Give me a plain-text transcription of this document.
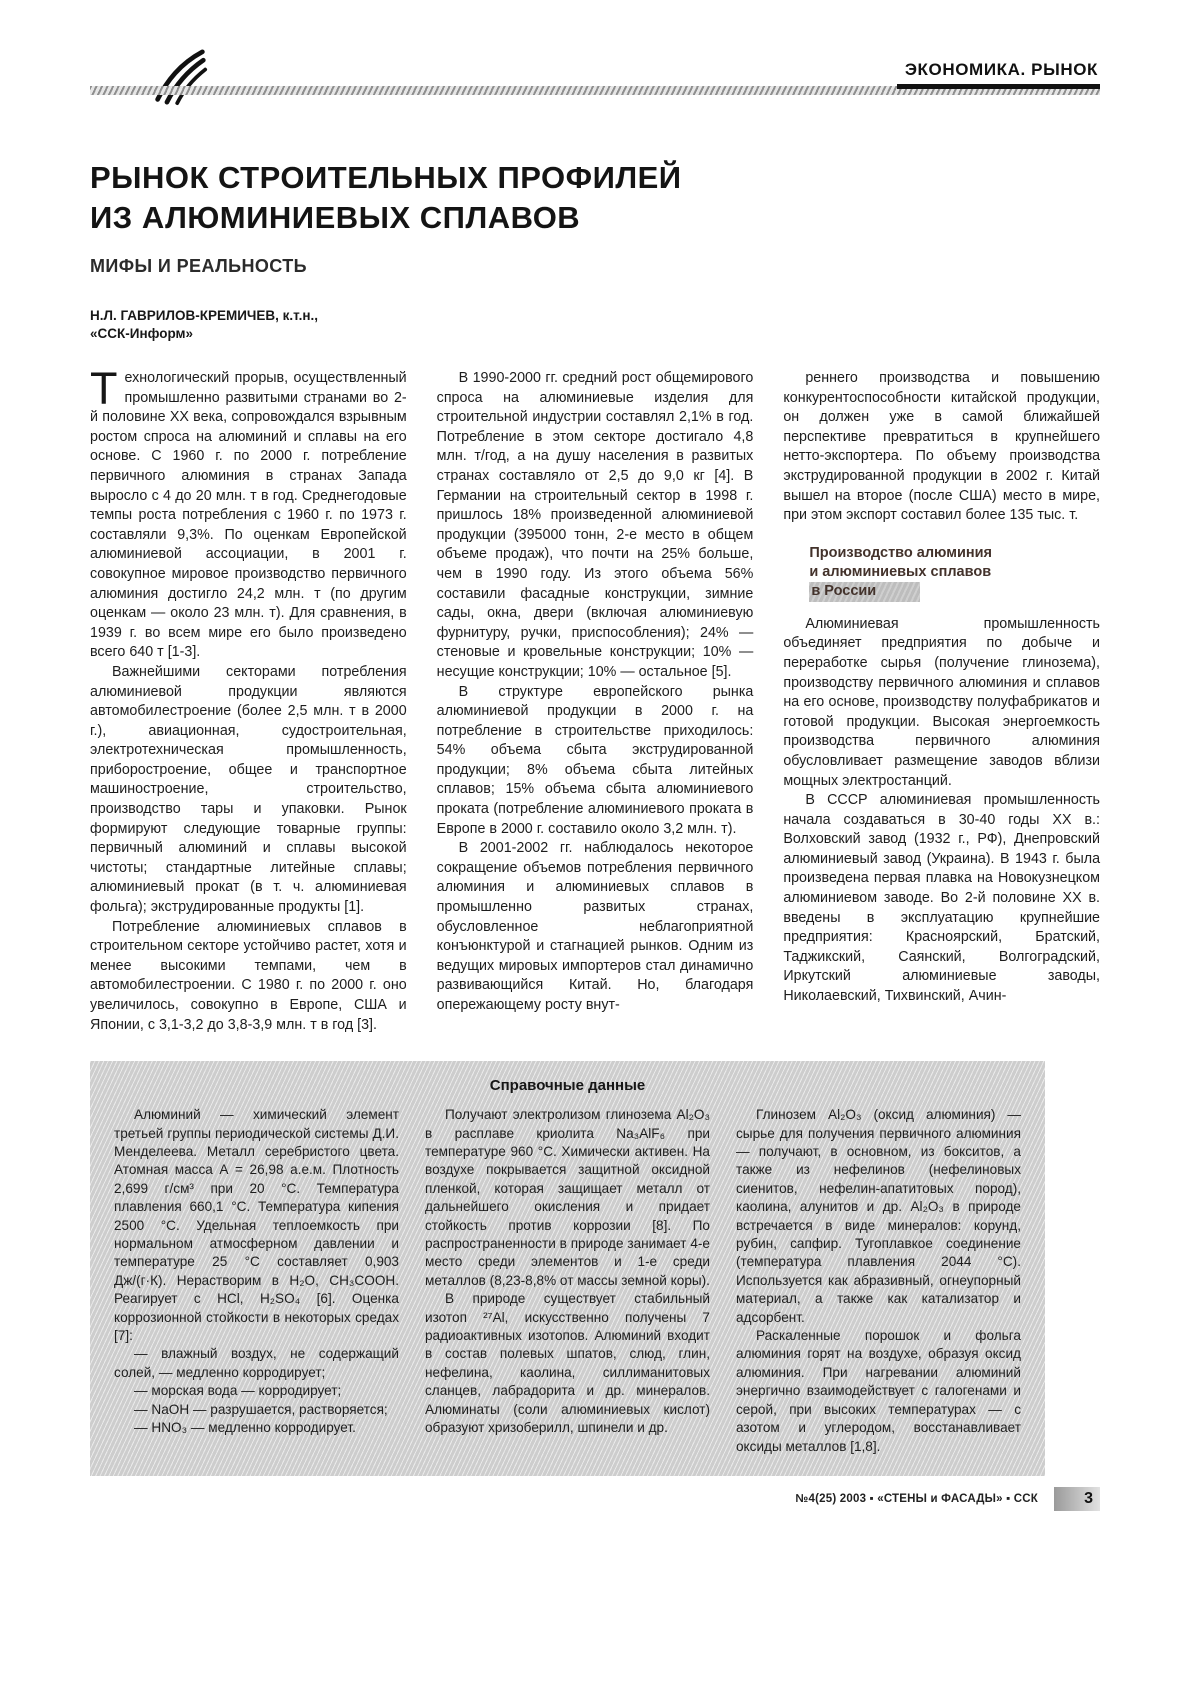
ЭКОНОМИКА. РЫНОК
РЫНОК СТРОИТЕЛЬНЫХ ПРОФИЛЕЙ
ИЗ АЛЮМИНИЕВЫХ СПЛАВОВ
МИФЫ И РЕАЛЬНОСТЬ
Н.Л. ГАВРИЛОВ-КРЕМИЧЕВ, к.т.н.,
«ССК-Информ»

Технологический прорыв, осуществленный промышленно развитыми странами во 2-й половине XX века, сопровождался взрывным ростом спроса на алюминий и сплавы на его основе. С 1960 г. по 2000 г. потребление первичного алюминия в странах Запада выросло с 4 до 20 млн. т в год. Среднегодовые темпы роста потребления с 1960 г. по 1973 г. составляли 9,3%. По оценкам Европейской алюминиевой ассоциации, в 2001 г. совокупное мировое производство первичного алюминия достигло 24,2 млн. т (по другим оценкам — около 23 млн. т). Для сравнения, в 1939 г. во всем мире его было произведено всего 640 т [1-3].

Важнейшими секторами потребления алюминиевой продукции являются автомобилестроение (более 2,5 млн. т в 2000 г.), авиационная, судостроительная, электротехническая промышленность, приборостроение, общее и транспортное машиностроение, строительство, производство тары и упаковки. Рынок формируют следующие товарные группы: первичный алюминий и сплавы высокой чистоты; стандартные литейные сплавы; алюминиевый прокат (в т. ч. алюминиевая фольга); экструдированные продукты [1].

Потребление алюминиевых сплавов в строительном секторе устойчиво растет, хотя и менее высокими темпами, чем в автомобилестроении. С 1980 г. по 2000 г. оно увеличилось, совокупно в Европе, США и Японии, с 3,1-3,2 до 3,8-3,9 млн. т в год [3].

В 1990-2000 гг. средний рост общемирового спроса на алюминиевые изделия для строительной индустрии составлял 2,1% в год. Потребление в этом секторе достигало 4,8 млн. т/год, а на душу населения в развитых странах составляло от 2,5 до 9,0 кг [4]. В Германии на строительный сектор в 1998 г. пришлось 18% произведенной алюминиевой продукции (395000 тонн, 2-е место в общем объеме продаж), что почти на 25% больше, чем в 1990 году. Из этого объема 56% составили фасадные конструкции, зимние сады, окна, двери (включая алюминиевую фурнитуру, ручки, приспособления); 24% — стеновые и кровельные конструкции; 10% — несущие конструкции; 10% — остальное [5].

В структуре европейского рынка алюминиевой продукции в 2000 г. на потребление в строительстве приходилось: 54% объема сбыта экструдированной продукции; 8% объема сбыта литейных сплавов; 15% объема сбыта алюминиевого проката (потребление алюминиевого проката в Европе в 2000 г. составило около 3,2 млн. т).

В 2001-2002 гг. наблюдалось некоторое сокращение объемов потребления первичного алюминия и алюминиевых сплавов в промышленно развитых странах, обусловленное неблагоприятной конъюнктурой и стагнацией рынков. Одним из ведущих мировых импортеров стал динамично развивающийся Китай. Но, благодаря опережающему росту внут-

реннего производства и повышению конкурентоспособности китайской продукции, он должен уже в самой ближайшей перспективе превратиться в крупнейшего нетто-экспортера. По объему производства экструдированной продукции в 2002 г. Китай вышел на второе (после США) место в мире, при этом экспорт составил более 135 тыс. т.

Производство алюминия
и алюминиевых сплавов
в России

Алюминиевая промышленность объединяет предприятия по добыче и переработке сырья (получение глинозема), производству первичного алюминия и сплавов на его основе, производству полуфабрикатов и готовой продукции. Высокая энергоемкость производства первичного алюминия обусловливает размещение заводов вблизи мощных электростанций.

В СССР алюминиевая промышленность начала создаваться в 30-40 годы XX в.: Волховский завод (1932 г., РФ), Днепровский алюминиевый завод (Украина). В 1943 г. была произведена первая плавка на Новокузнецком алюминиевом заводе. Во 2-й половине XX в. введены в эксплуатацию крупнейшие предприятия: Красноярский, Братский, Таджикский, Саянский, Волгоградский, Иркутский алюминиевые заводы, Николаевский, Тихвинский, Ачин-

Справочные данные

Алюминий — химический элемент третьей группы периодической системы Д.И. Менделеева. Металл серебристого цвета. Атомная масса А = 26,98 а.е.м. Плотность 2,699 г/см³ при 20 °С. Температура плавления 660,1 °С. Температура кипения 2500 °С. Удельная теплоемкость при нормальном атмосферном давлении и температуре 25 °С составляет 0,903 Дж/(г·К). Нерастворим в H₂O, CH₃COOH. Реагирует с HCl, H₂SO₄ [6]. Оценка коррозионной стойкости в некоторых средах [7]:

— влажный воздух, не содержащий солей, — медленно корродирует;

— морская вода — корродирует;

— NaOH — разрушается, растворяется;

— HNO₃ — медленно корродирует.

Получают электролизом глинозема Al₂O₃ в расплаве криолита Na₃AlF₆ при температуре 960 °С. Химически активен. На воздухе покрывается защитной оксидной пленкой, которая защищает металл от дальнейшего окисления и придает стойкость против коррозии [8]. По распространенности в природе занимает 4-е место среди элементов и 1-е среди металлов (8,23-8,8% от массы земной коры).

В природе существует стабильный изотоп ²⁷Al, искусственно получены 7 радиоактивных изотопов. Алюминий входит в состав полевых шпатов, слюд, глин, нефелина, каолина, силлиманитовых сланцев, лабрадорита и др. минералов. Алюминаты (соли алюминиевых кислот) образуют хризоберилл, шпинели и др.

Глинозем Al₂O₃ (оксид алюминия) — сырье для получения первичного алюминия — получают, в основном, из бокситов, а также из нефелинов (нефелиновых сиенитов, нефелин-апатитовых пород), каолина, алунитов и др. Al₂O₃ в природе встречается в виде минералов: корунд, рубин, сапфир. Тугоплавкое соединение (температура плавления 2044 °С). Используется как абразивный, огнеупорный материал, а также как катализатор и адсорбент.

Раскаленные порошок и фольга алюминия горят на воздухе, образуя оксид алюминия. При нагревании алюминий энергично взаимодействует с галогенами и серой, при высоких температурах — с азотом и углеродом, восстанавливает оксиды металлов [1,8].

№4(25) 2003 ▪ «СТЕНЫ и ФАСАДЫ» ▪ ССК	3
